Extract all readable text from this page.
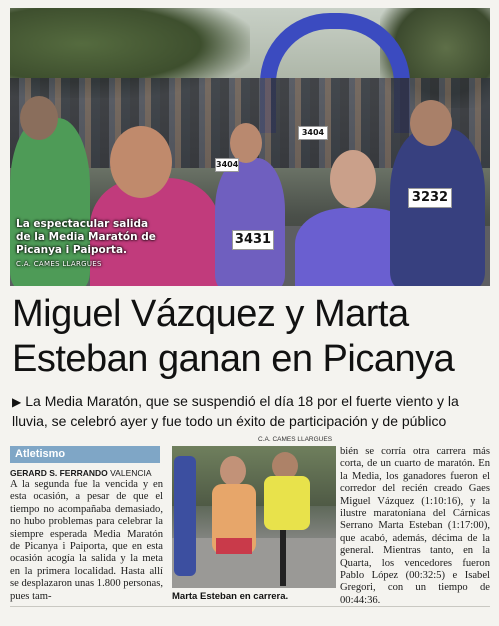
3431
3232
3404
3404
La espectacular salida de la Media Maratón de Picanya i Paiporta.
C.A. CAMES LLARGUES
Miguel Vázquez y Marta Esteban ganan en Picanya
▶ La Media Maratón, que se suspendió el día 18 por el fuerte viento y la lluvia, se celebró ayer y fue todo un éxito de participación y de público
Atletismo
GERARD S. FERRANDO VALENCIA
A la segunda fue la vencida y en esta ocasión, a pesar de que el tiempo no acompañaba demasiado, no hubo problemas para celebrar la siempre esperada Media Maratón de Picanya i Paiporta, que en esta ocasión acogía la salida y la meta en la primera localidad. Hasta allí se desplazaron unas 1.800 personas, pues tam-
C.A. CAMES LLARGUES
Marta Esteban en carrera.
bién se corría otra carrera más corta, de un cuarto de maratón. En la Media, los ganadores fueron el corredor del recién creado Gaes Miguel Vázquez (1:10:16), y la ilustre maratoniana del Cárnicas Serrano Marta Esteban (1:17:00), que acabó, además, décima de la general. Mientras tanto, en la Quarta, los vencedores fueron Pablo López (00:32:5) e Isabel Gregori, con un tiempo de 00:44:36.
